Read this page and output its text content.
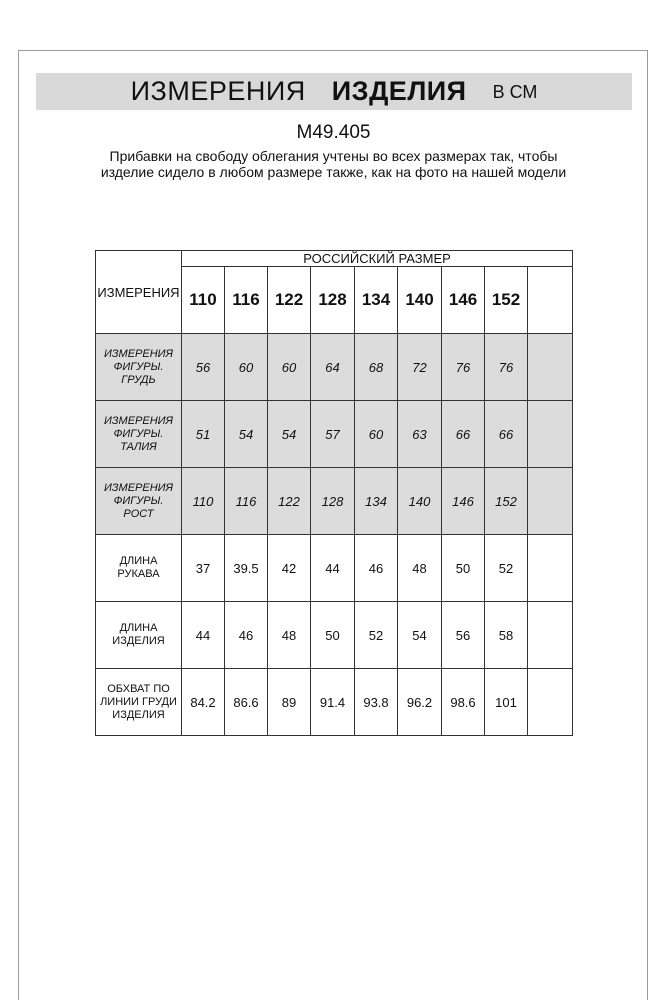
ИЗМЕРЕНИЯ ИЗДЕЛИЯ В СМ
M49.405
Прибавки на свободу облегания учтены во всех размерах так, чтобы изделие сидело в любом размере также, как на фото на нашей модели
ИЗМЕРЕНИЯ	РОССИЙСКИЙ РАЗМЕР								
	110	116	122	128	134	140	146	152	

ИЗМЕРЕНИЯ
ФИГУРЫ.
ГРУДЬ	56	60	60	64	68	72	76	76	

ИЗМЕРЕНИЯ
ФИГУРЫ.
ТАЛИЯ	51	54	54	57	60	63	66	66	

ИЗМЕРЕНИЯ
ФИГУРЫ.
РОСТ	110	116	122	128	134	140	146	152	

ДЛИНА
РУКАВА	37	39.5	42	44	46	48	50	52	

ДЛИНА
ИЗДЕЛИЯ	44	46	48	50	52	54	56	58	

ОБХВАТ ПО
ЛИНИИ ГРУДИ
ИЗДЕЛИЯ	84.2	86.6	89	91.4	93.8	96.2	98.6	101	
